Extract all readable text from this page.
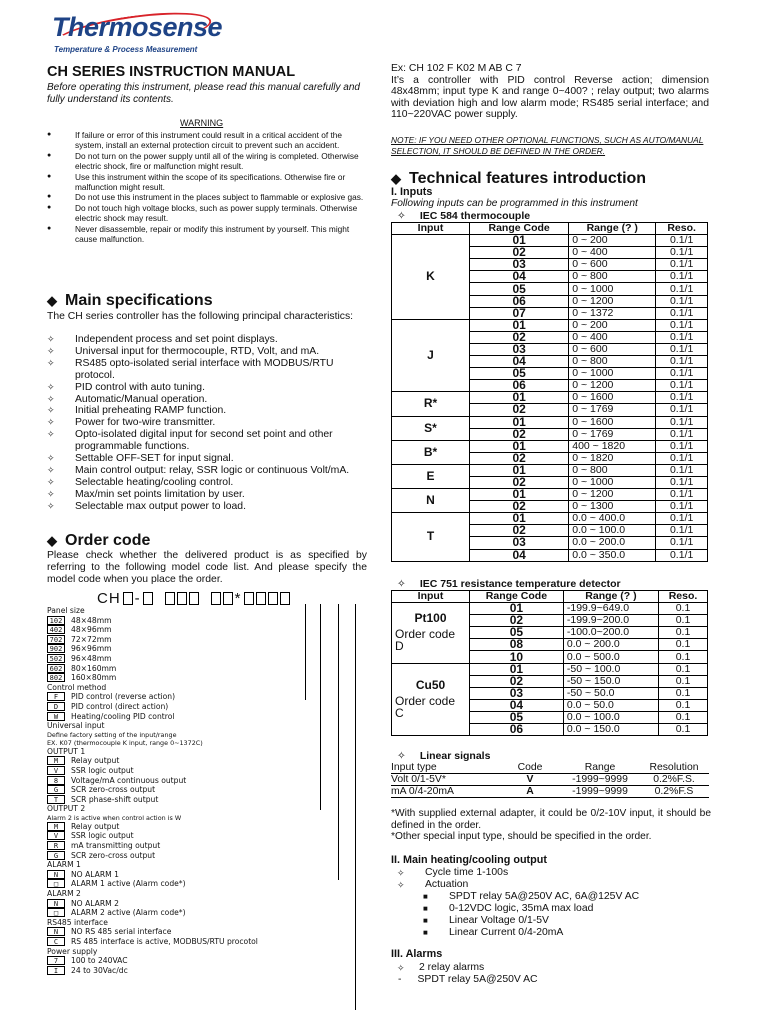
Thermosense
Temperature & Process Measurement
CH SERIES INSTRUCTION MANUAL
Before operating this instrument, please read this manual carefully and fully understand its contents.
WARNING
● If failure or error of this instrument could result in a critical accident of the system, install an external protection circuit to prevent such an accident.
● Do not turn on the power supply until all of the wiring is completed. Otherwise electric shock, fire or malfunction might result.
● Use this instrument within the scope of its specifications. Otherwise fire or malfunction might result.
● Do not use this instrument in the places subject to flammable or explosive gas.
● Do not touch high voltage blocks, such as power supply terminals. Otherwise electric shock may result.
● Never disassemble, repair or modify this instrument by yourself. This might cause malfunction.
◆ Main specifications
The CH series controller has the following principal characteristics:
✧ Independent process and set point displays.
✧ Universal input for thermocouple, RTD, Volt, and mA.
✧ RS485 opto-isolated serial interface with MODBUS/RTU protocol.
✧ PID control with auto tuning.
✧ Automatic/Manual operation.
✧ Initial preheating RAMP function.
✧ Power for two-wire transmitter.
✧ Opto-isolated digital input for second set point and other programmable functions.
✧ Settable OFF-SET for input signal.
✧ Main control output: relay, SSR logic or continuous Volt/mA.
✧ Selectable heating/cooling control.
✧ Max/min set points limitation by user.
✧ Selectable max output power to load.
◆ Order code
Please check whether the delivered product is as specified by referring to the following model code list. And please specify the model code when you place the order.
CH -	*
Panel size
102	48×48mm
402	48×96mm
702	72×72mm
902	96×96mm
502	96×48mm
602	80×160mm
802	160×80mm
Control method
F	PID control (reverse action)
D	PID control (direct action)
W	Heating/cooling PID control
Universal input
Define factory setting of the input/range
EX. K07 (thermocouple K input, range 0~1372C)
OUTPUT 1
M	Relay output
V	SSR logic output
8	Voltage/mA continuous output
G	SCR zero-cross output
T	SCR phase-shift output
OUTPUT 2
Alarm 2 is active when control action is W
M	Relay output
V	SSR logic output
R	mA transmitting output
G	SCR zero-cross output
ALARM 1
N	NO ALARM 1
□	ALARM 1 active (Alarm code*)
ALARM 2
N	NO ALARM 2
□	ALARM 2 active (Alarm code*)
RS485 interface
N	NO RS 485 serial interface
C	RS 485 interface is active, MODBUS/RTU procotol
Power supply
7	100 to 240VAC
I	24 to 30Vac/dc
Ex: CH 102 F K02 M AB C 7
It’s a controller with PID control Reverse action; dimension 48x48mm; input type K and range 0~400? ; relay output; two alarms with deviation high and low alarm mode; RS485 serial interface; and 110~220VAC power supply.
NOTE: IF YOU NEED OTHER OPTIONAL FUNCTIONS, SUCH AS AUTO/MANUAL SELECTION, IT SHOULD BE DEFINED IN THE ORDER.
◆ Technical features introduction
I. Inputs
Following inputs can be programmed in this instrument
✧ IEC 584 thermocouple
Input	Range Code	Range (? )	Reso.

K	01	0 ~ 200	0.1/1
	02	0 ~ 400	0.1/1
	03	0 ~ 600	0.1/1
	04	0 ~ 800	0.1/1
	05	0 ~ 1000	0.1/1
	06	0 ~ 1200	0.1/1
	07	0 ~ 1372	0.1/1

J	01	0 ~ 200	0.1/1
	02	0 ~ 400	0.1/1
	03	0 ~ 600	0.1/1
	04	0 ~ 800	0.1/1
	05	0 ~ 1000	0.1/1
	06	0 ~ 1200	0.1/1

R*	01	0 ~ 1600	0.1/1
	02	0 ~ 1769	0.1/1

S*	01	0 ~ 1600	0.1/1
	02	0 ~ 1769	0.1/1

B*	01	400 ~ 1820	0.1/1
	02	0 ~ 1820	0.1/1

E	01	0 ~ 800	0.1/1
	02	0 ~ 1000	0.1/1

N	01	0 ~ 1200	0.1/1
	02	0 ~ 1300	0.1/1

T	01	0.0 ~ 400.0	0.1/1
	02	0.0 ~ 100.0	0.1/1
	03	0.0 ~ 200.0	0.1/1
	04	0.0 ~ 350.0	0.1/1
✧ IEC 751 resistance temperature detector
Input	Range Code	Range (? )	Reso.

Pt100
Order code D	01	-199.9~649.0	0.1
	02	-199.9~200.0	0.1
	05	-100.0~200.0	0.1
	08	0.0 ~ 200.0	0.1
	10	0.0 ~ 500.0	0.1

Cu50
Order code C	01	-50 ~ 100.0	0.1
	02	-50 ~ 150.0	0.1
	03	-50 ~ 50.0	0.1
	04	0.0 ~ 50.0	0.1
	05	0.0 ~ 100.0	0.1
	06	0.0 ~ 150.0	0.1
✧ Linear signals
Input type	Code	Range	Resolution
Volt 0/1-5V*	V	-1999~9999	0.2%F.S.
mA 0/4-20mA	A	-1999~9999	0.2%F.S
*With supplied external adapter, it could be 0/2-10V input, it should be defined in the order.
*Other special input type, should be specified in the order.
II. Main heating/cooling output
✧ Cycle time 1-100s
✧ Actuation
■ SPDT relay 5A@250V AC, 6A@125V AC
■ 0-12VDC logic, 35mA max load
■ Linear Voltage 0/1-5V
■ Linear Current 0/4-20mA
III. Alarms
✧ 2 relay alarms
- SPDT relay 5A@250V AC
